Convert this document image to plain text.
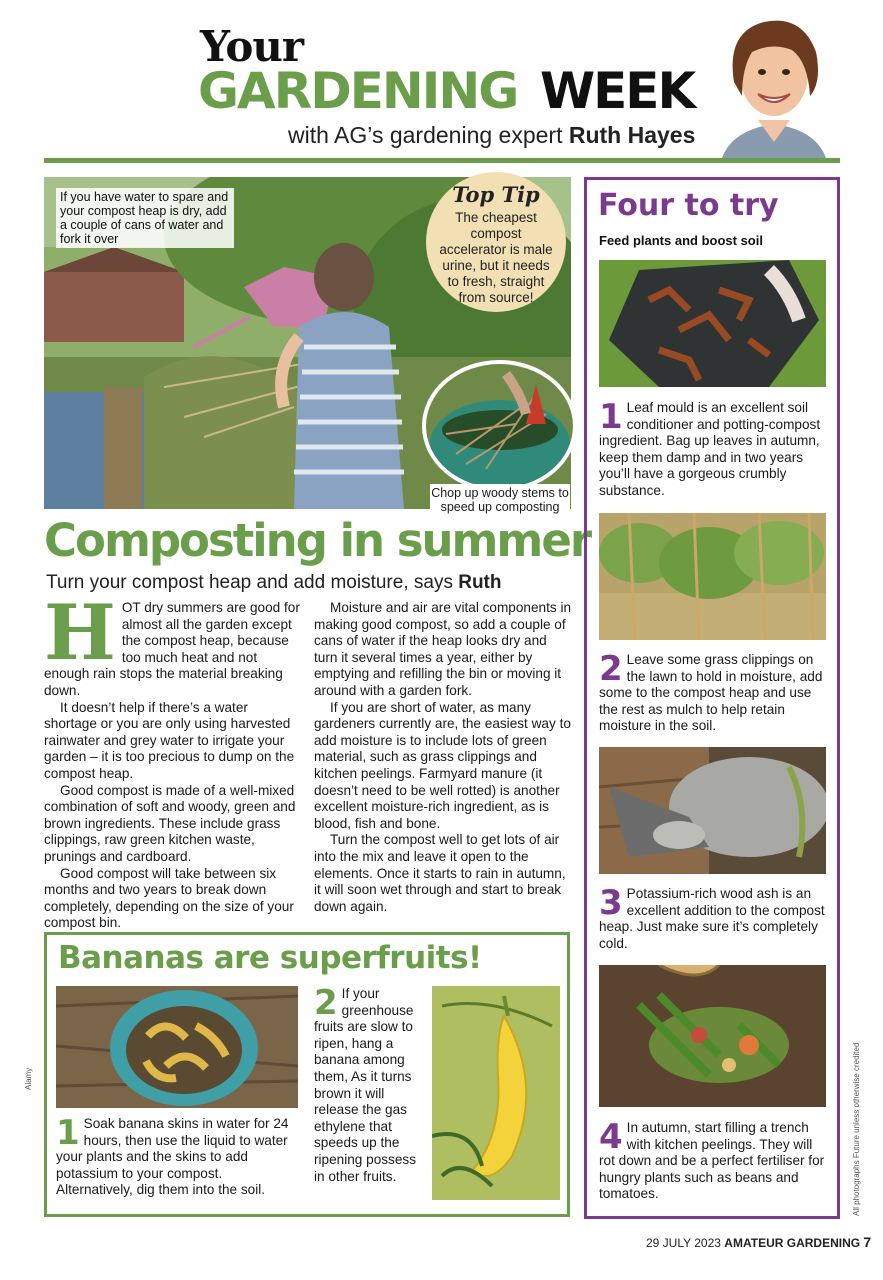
Your
GARDENING WEEK
with AG’s gardening expert Ruth Hayes
If you have water to spare and your compost heap is dry, add a couple of cans of water and fork it over
Top Tip
The cheapest compost accelerator is male urine, but it needs to fresh, straight from source!
Chop up woody stems to speed up composting
Composting in summer
Turn your compost heap and add moisture, says Ruth

HOT dry summers are good for almost all the garden except the compost heap, because too much heat and not enough rain stops the material breaking down.

It doesn’t help if there’s a water shortage or you are only using harvested rainwater and grey water to irrigate your garden – it is too precious to dump on the compost heap.

Good compost is made of a well-mixed combination of soft and woody, green and brown ingredients. These include grass clippings, raw green kitchen waste, prunings and cardboard.

Good compost will take between six months and two years to break down completely, depending on the size of your compost bin.

Moisture and air are vital components in making good compost, so add a couple of cans of water if the heap looks dry and turn it several times a year, either by emptying and refilling the bin or moving it around with a garden fork.

If you are short of water, as many gardeners currently are, the easiest way to add moisture is to include lots of green material, such as grass clippings and kitchen peelings. Farmyard manure (it doesn’t need to be well rotted) is another excellent moisture-rich ingredient, as is blood, fish and bone.

Turn the compost well to get lots of air into the mix and leave it open to the elements. Once it starts to rain in autumn, it will soon wet through and start to break down again.

Bananas are superfruits!
1 Soak banana skins in water for 24 hours, then use the liquid to water your plants and the skins to add potassium to your compost. Alternatively, dig them into the soil.
2 If your greenhouse fruits are slow to ripen, hang a banana among them, As it turns brown it will release the gas ethylene that speeds up the ripening possess in other fruits.
Four to try
Feed plants and boost soil
1 Leaf mould is an excellent soil conditioner and potting-compost ingredient. Bag up leaves in autumn, keep them damp and in two years you’ll have a gorgeous crumbly substance.
2 Leave some grass clippings on the lawn to hold in moisture, add some to the compost heap and use the rest as mulch to help retain moisture in the soil.
3 Potassium-rich wood ash is an excellent addition to the compost heap. Just make sure it’s completely cold.
4 In autumn, start filling a trench with kitchen peelings. They will rot down and be a perfect fertiliser for hungry plants such as beans and tomatoes.
Alamy	All photographs Future unless otherwise credited
29 JULY 2023 AMATEUR GARDENING 7
